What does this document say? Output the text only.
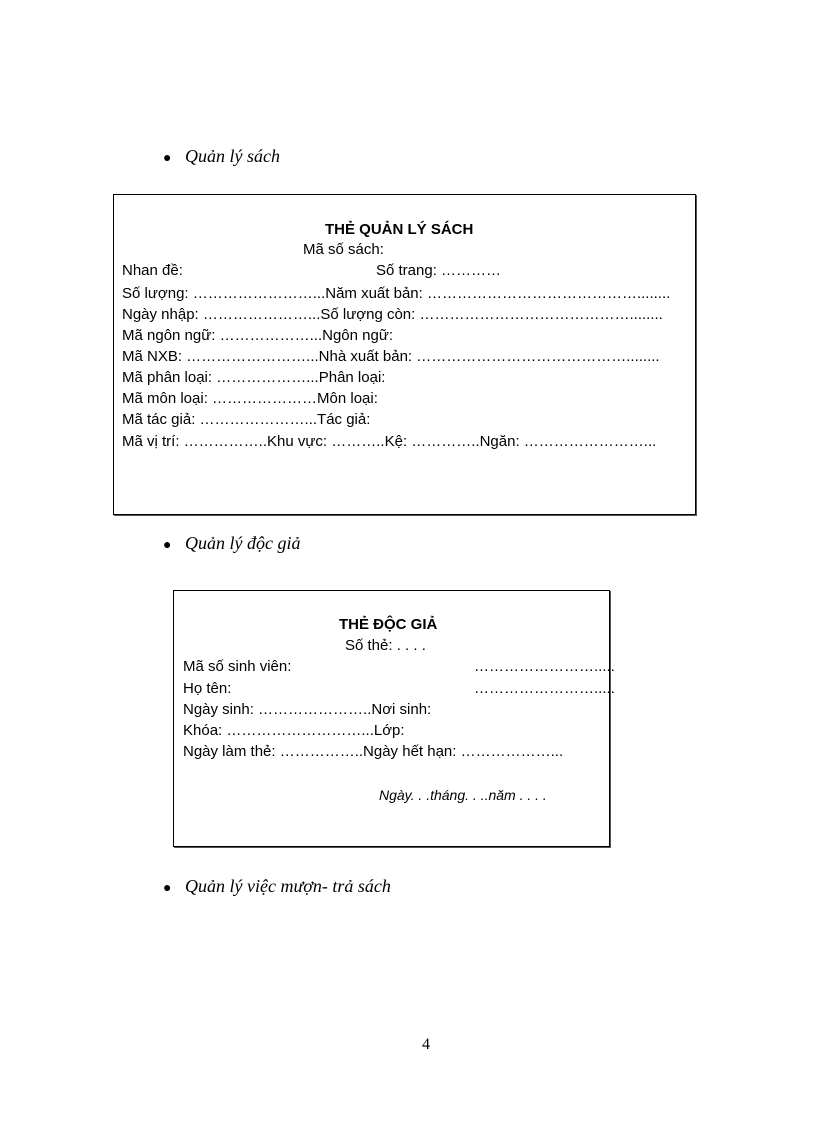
● Quản lý sách
THẺ QUẢN LÝ SÁCH
Mã số sách:
Nhan đề:	Số trang: …………
Số lượng: ……………………...Năm xuất bản: ……………………………………........
Ngày nhập: …………………...Số lượng còn: ……………………………………........
Mã ngôn ngữ: ………………...Ngôn ngữ:
Mã NXB: ……………………...Nhà xuất bản: ……………………………………........
Mã phân loại: ………………...Phân loại:
Mã môn loại: …………………Môn loại:
Mã tác giả: …………………...Tác giả:
Mã vị trí: ……………..Khu vực: ………..Kệ: …………..Ngăn: ……………………...
● Quản lý độc giả
THẺ ĐỘC GIẢ
Số thẻ: . . . .
Mã số sinh viên:	…………………….....
Họ tên:	…………………….....
Ngày sinh: …………………..Nơi sinh:
Khóa: ………………………...Lớp:
Ngày làm thẻ: ……………..Ngày hết hạn: ………………...
Ngày. . .tháng. . ..năm . . . .
● Quản lý việc mượn- trả sách
4
